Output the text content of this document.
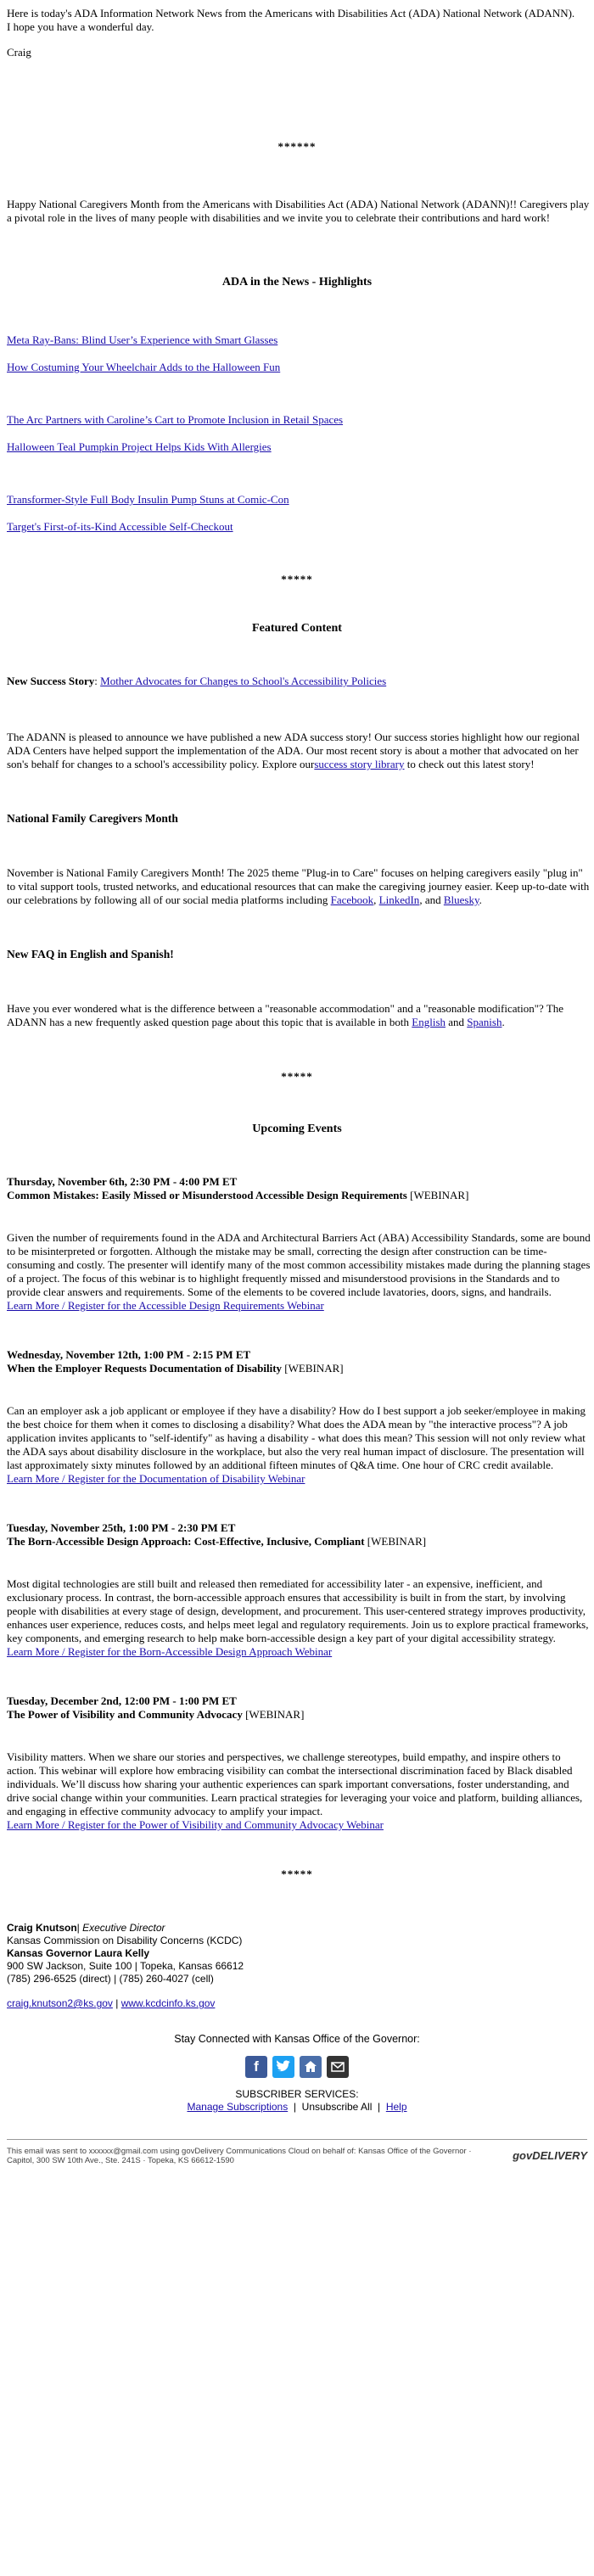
Here is today's ADA Information Network News from the Americans with Disabilities Act (ADA) National Network (ADANN).

I hope you have a wonderful day.

Craig

******

Happy National Caregivers Month from the Americans with Disabilities Act (ADA) National Network (ADANN)!! Caregivers play a pivotal role in the lives of many people with disabilities and we invite you to celebrate their contributions and hard work!

ADA in the News - Highlights

Meta Ray-Bans: Blind User’s Experience with Smart Glasses
How Costuming Your Wheelchair Adds to the Halloween Fun
The Arc Partners with Caroline’s Cart to Promote Inclusion in Retail Spaces
Halloween Teal Pumpkin Project Helps Kids With Allergies
Transformer-Style Full Body Insulin Pump Stuns at Comic-Con
Target's First-of-its-Kind Accessible Self-Checkout

*****

Featured Content

New Success Story: Mother Advocates for Changes to School's Accessibility Policies

The ADANN is pleased to announce we have published a new ADA success story! Our success stories highlight how our regional ADA Centers have helped support the implementation of the ADA. Our most recent story is about a mother that advocated on her son's behalf for changes to a school's accessibility policy. Explore oursuccess story library to check out this latest story!

National Family Caregivers Month

November is National Family Caregivers Month! The 2025 theme "Plug-in to Care" focuses on helping caregivers easily "plug in" to vital support tools, trusted networks, and educational resources that can make the caregiving journey easier. Keep up-to-date with our celebrations by following all of our social media platforms including Facebook, LinkedIn, and Bluesky.

New FAQ in English and Spanish!

Have you ever wondered what is the difference between a "reasonable accommodation" and a "reasonable modification"? The ADANN has a new frequently asked question page about this topic that is available in both English and Spanish.

*****

Upcoming Events

Thursday, November 6th, 2:30 PM - 4:00 PM ET

Common Mistakes: Easily Missed or Misunderstood Accessible Design Requirements [WEBINAR]

Given the number of requirements found in the ADA and Architectural Barriers Act (ABA) Accessibility Standards, some are bound to be misinterpreted or forgotten. Although the mistake may be small, correcting the design after construction can be time-consuming and costly. The presenter will identify many of the most common accessibility mistakes made during the planning stages of a project. The focus of this webinar is to highlight frequently missed and misunderstood provisions in the Standards and to provide clear answers and requirements. Some of the elements to be covered include lavatories, doors, signs, and handrails.

Learn More / Register for the Accessible Design Requirements Webinar

Wednesday, November 12th, 1:00 PM - 2:15 PM ET

When the Employer Requests Documentation of Disability [WEBINAR]

Can an employer ask a job applicant or employee if they have a disability? How do I best support a job seeker/employee in making the best choice for them when it comes to disclosing a disability? What does the ADA mean by "the interactive process"? A job application invites applicants to "self-identify" as having a disability - what does this mean? This session will not only review what the ADA says about disability disclosure in the workplace, but also the very real human impact of disclosure. The presentation will last approximately sixty minutes followed by an additional fifteen minutes of Q&A time. One hour of CRC credit available.

Learn More / Register for the Documentation of Disability Webinar

Tuesday, November 25th, 1:00 PM - 2:30 PM ET

The Born-Accessible Design Approach: Cost-Effective, Inclusive, Compliant [WEBINAR]

Most digital technologies are still built and released then remediated for accessibility later - an expensive, inefficient, and exclusionary process. In contrast, the born-accessible approach ensures that accessibility is built in from the start, by involving people with disabilities at every stage of design, development, and procurement. This user-centered strategy improves productivity, enhances user experience, reduces costs, and helps meet legal and regulatory requirements. Join us to explore practical frameworks, key components, and emerging research to help make born-accessible design a key part of your digital accessibility strategy.

Learn More / Register for the Born-Accessible Design Approach Webinar

Tuesday, December 2nd, 12:00 PM - 1:00 PM ET

The Power of Visibility and Community Advocacy [WEBINAR]

Visibility matters. When we share our stories and perspectives, we challenge stereotypes, build empathy, and inspire others to action. This webinar will explore how embracing visibility can combat the intersectional discrimination faced by Black disabled individuals. We’ll discuss how sharing your authentic experiences can spark important conversations, foster understanding, and drive social change within your communities. Learn practical strategies for leveraging your voice and platform, building alliances, and engaging in effective community advocacy to amplify your impact.

Learn More / Register for the Power of Visibility and Community Advocacy Webinar

*****

Craig Knutson| Executive Director

Kansas Commission on Disability Concerns (KCDC)

Kansas Governor Laura Kelly

900 SW Jackson, Suite 100 | Topeka, Kansas 66612

(785) 296-6525 (direct) | (785) 260-4027 (cell)

craig.knutson2@ks.gov | www.kcdcinfo.ks.gov

Stay Connected with Kansas Office of the Governor:

f

SUBSCRIBER SERVICES:

Manage Subscriptions  |  Unsubscribe All  |  Help

This email was sent to xxxxxx@gmail.com using govDelivery Communications Cloud on behalf of: Kansas Office of the Governor · Capitol, 300 SW 10th Ave., Ste. 241S · Topeka, KS 66612-1590	govDELIVERY
